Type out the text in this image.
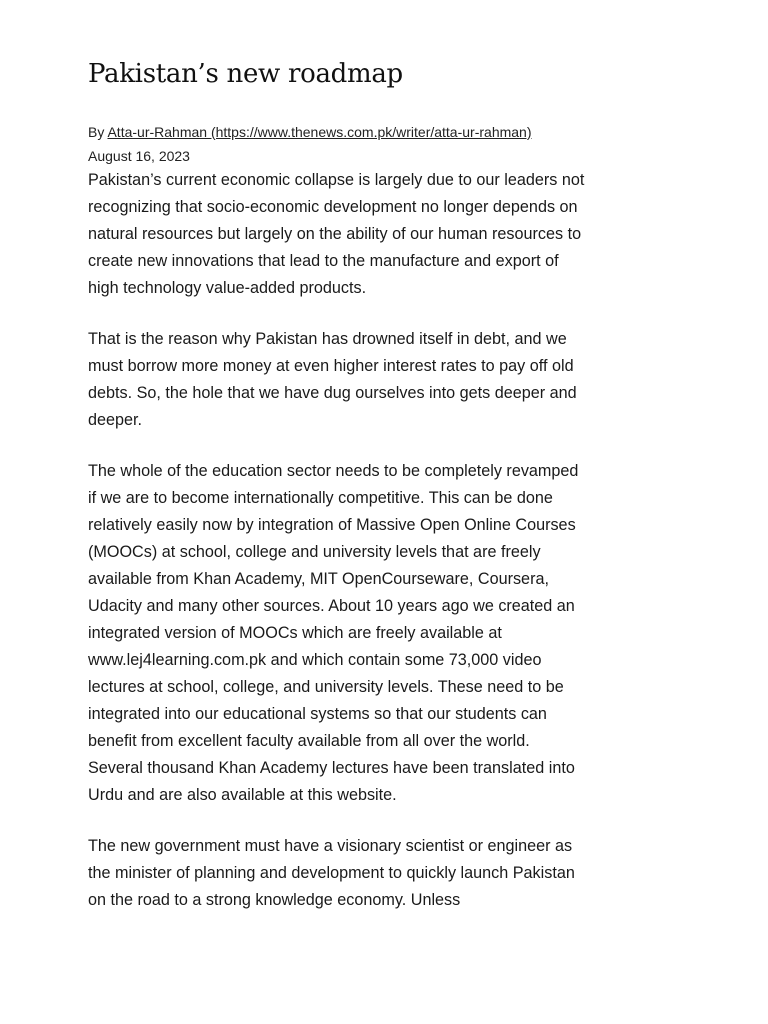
Pakistan’s new roadmap
By Atta-ur-Rahman (https://www.thenews.com.pk/writer/atta-ur-rahman)
August 16, 2023

Pakistan’s current economic collapse is largely due to our leaders not recognizing that socio-economic development no longer depends on natural resources but largely on the ability of our human resources to create new innovations that lead to the manufacture and export of high technology value-added products.

That is the reason why Pakistan has drowned itself in debt, and we must borrow more money at even higher interest rates to pay off old debts. So, the hole that we have dug ourselves into gets deeper and deeper.

The whole of the education sector needs to be completely revamped if we are to become internationally competitive. This can be done relatively easily now by integration of Massive Open Online Courses (MOOCs) at school, college and university levels that are freely available from Khan Academy, MIT OpenCourseware, Coursera, Udacity and many other sources. About 10 years ago we created an integrated version of MOOCs which are freely available at www.lej4learning.com.pk and which contain some 73,000 video lectures at school, college, and university levels. These need to be integrated into our educational systems so that our students can benefit from excellent faculty available from all over the world. Several thousand Khan Academy lectures have been translated into Urdu and are also available at this website.

The new government must have a visionary scientist or engineer as the minister of planning and development to quickly launch Pakistan on the road to a strong knowledge economy. Unless
